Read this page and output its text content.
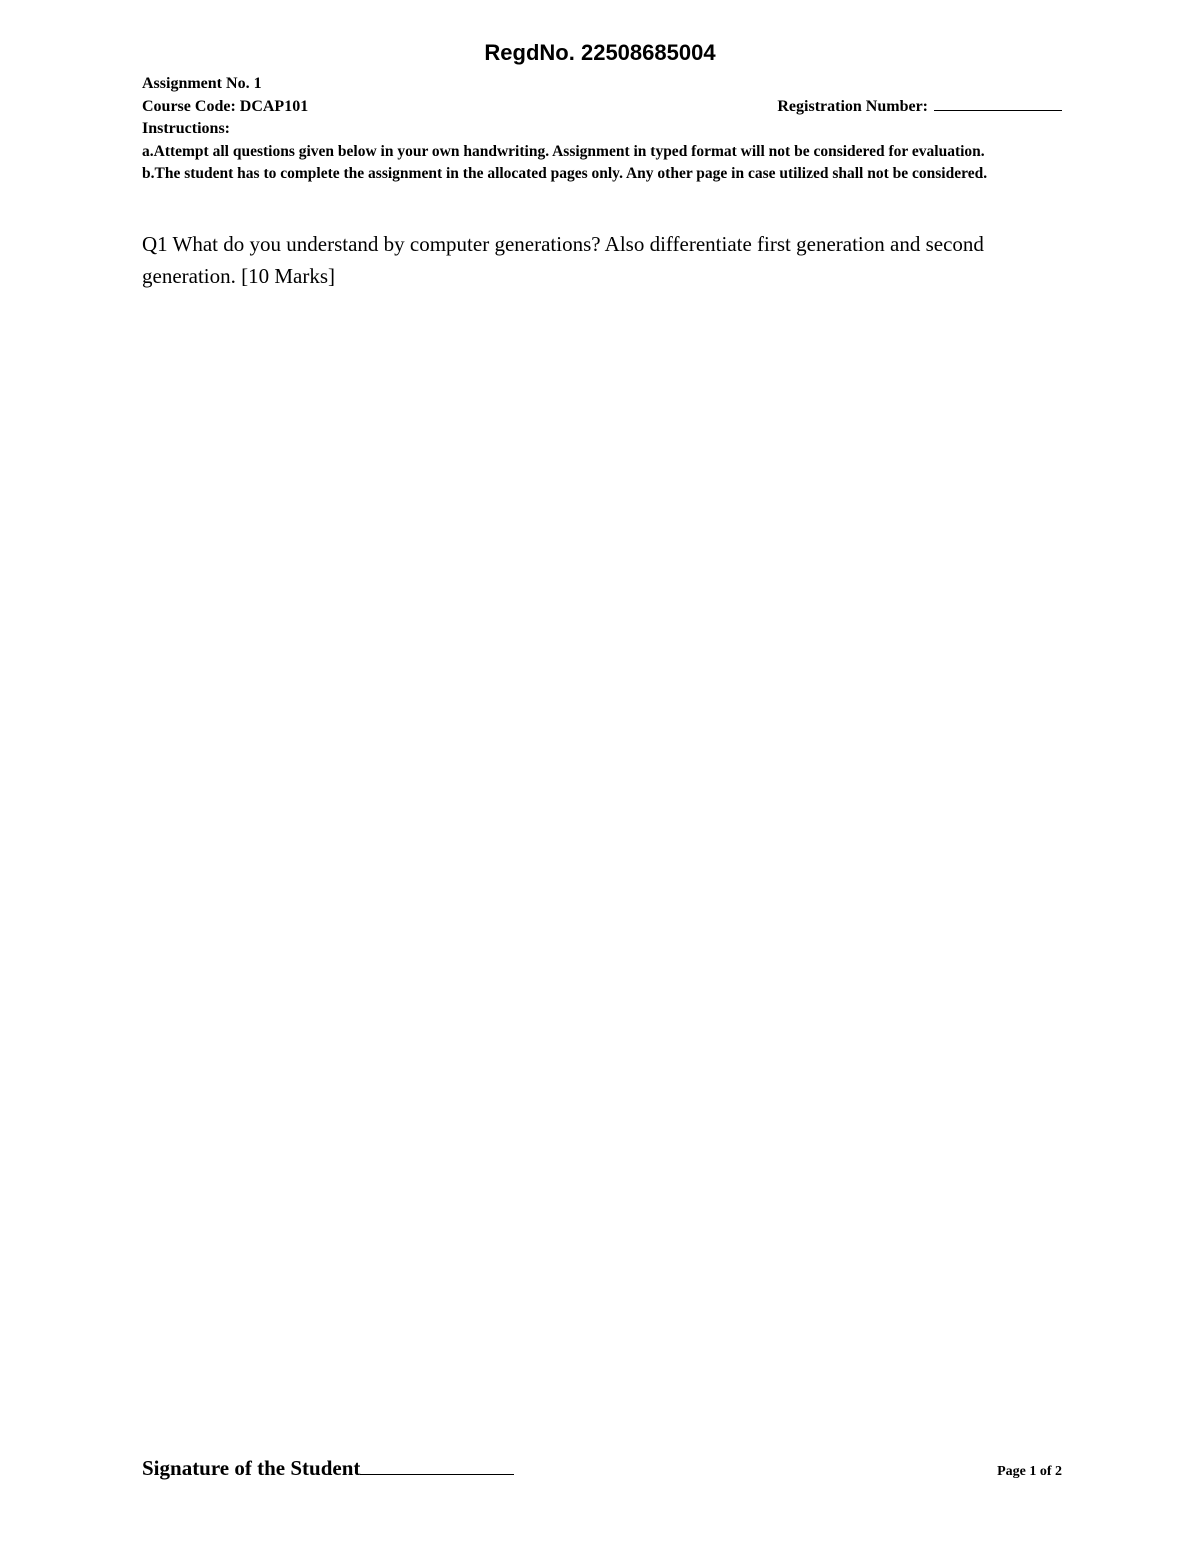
RegdNo. 22508685004
Assignment No. 1
Course Code: DCAP101	Registration Number:
Instructions:
a.Attempt all questions given below in your own handwriting. Assignment in typed format will not be considered for evaluation.
b.The student has to complete the assignment in the allocated pages only. Any other page in case utilized shall not be considered.
Q1 What do you understand by computer generations? Also differentiate first generation and second generation. [10 Marks]
Signature of the Student	Page 1 of 2
